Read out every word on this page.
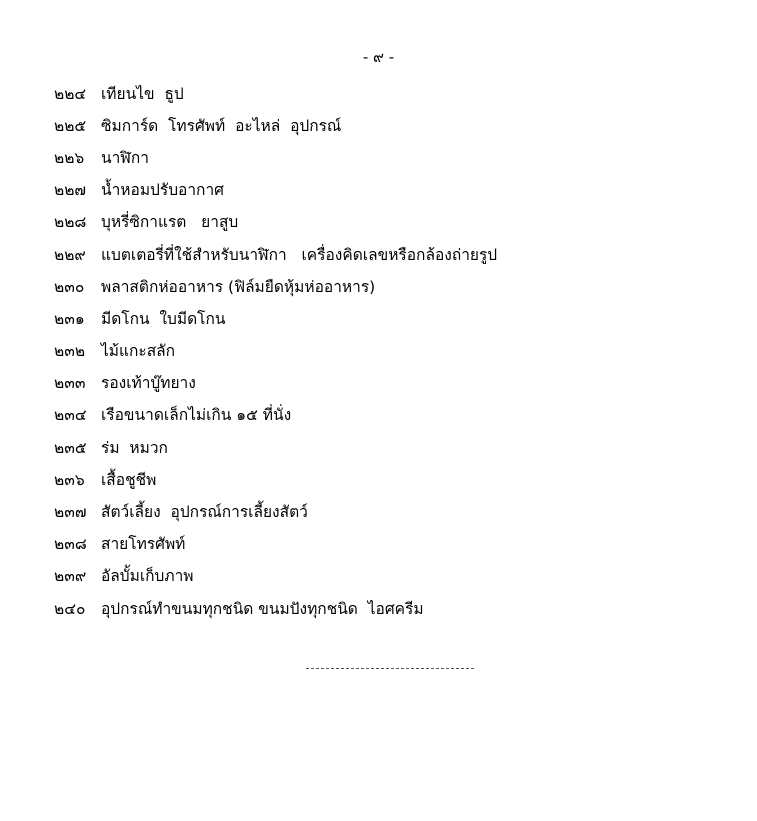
- ๙ -
๒๒๔ เทียนไข  ธูป
๒๒๕ ซิมการ์ด  โทรศัพท์  อะไหล่  อุปกรณ์
๒๒๖	นาฬิกา
๒๒๗ น้ำหอมปรับอากาศ
๒๒๘ บุหรี่ซิกาแรต   ยาสูบ
๒๒๙ แบตเตอรี่ที่ใช้สำหรับนาฬิกา   เครื่องคิดเลขหรือกล้องถ่ายรูป
๒๓๐	พลาสติกห่ออาหาร (ฟิล์มยืดหุ้มห่ออาหาร)
๒๓๑	มีดโกน  ใบมีดโกน
๒๓๒	ไม้แกะสลัก
๒๓๓	รองเท้าบู๊ทยาง
๒๓๔ เรือขนาดเล็กไม่เกิน ๑๕ ที่นั่ง
๒๓๕ ร่ม  หมวก
๒๓๖	เสื้อชูชีพ
๒๓๗ สัตว์เลี้ยง  อุปกรณ์การเลี้ยงสัตว์
๒๓๘ สายโทรศัพท์
๒๓๙ อัลบั้มเก็บภาพ
๒๔๐	อุปกรณ์ทำขนมทุกชนิด ขนมปังทุกชนิด  ไอศครีม
